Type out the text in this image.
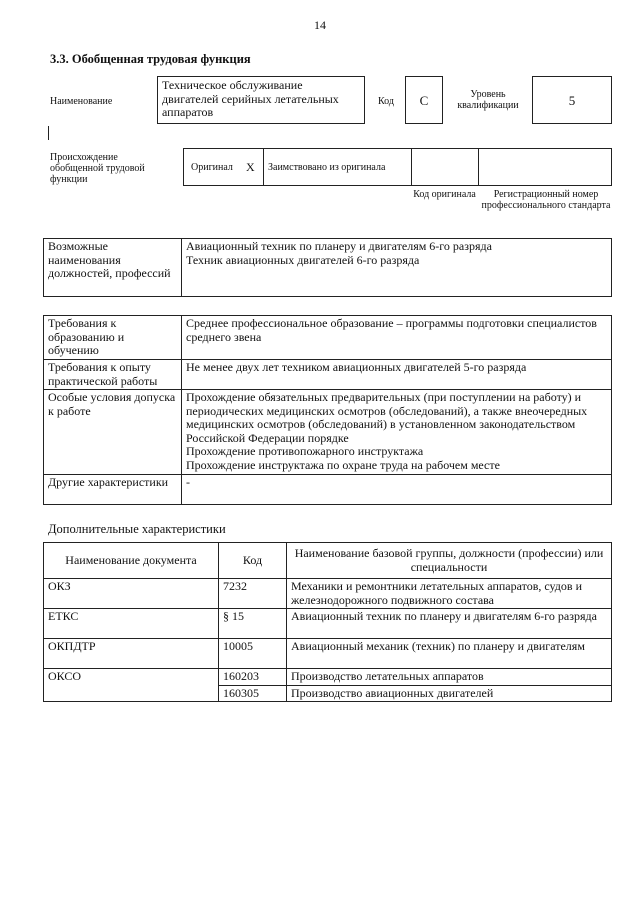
14
3.3. Обобщенная трудовая функция
Наименование
Техническое обслуживание двигателей серийных летательных аппаратов
Код	C	Уровень квалификации	5
Происхождение обобщенной трудовой функции
Оригинал X Заимствовано из оригинала
Код оригинала	Регистрационный номер профессионального стандарта
Возможные наименования должностей, профессий	
Авиационный техник по планеру и двигателям 6-го разряда
Техник авиационных двигателей 6-го разряда
Требования к образованию и обучению	Среднее профессиональное образование – программы подготовки специалистов среднего звена
Требования к опыту практической работы	Не менее двух лет техником авиационных двигателей 5-го разряда
Особые условия допуска к работе	Прохождение обязательных предварительных (при поступлении на работу) и периодических медицинских осмотров (обследований), а также внеочередных медицинских осмотров (обследований) в установленном законодательством Российской Федерации порядке
Прохождение противопожарного инструктажа
Прохождение инструктажа по охране труда на рабочем месте

Другие характеристики	-
Дополнительные характеристики
Наименование документа	Код	Наименование базовой группы, должности (профессии) или специальности
ОКЗ	7232	Механики и ремонтники летательных аппаратов, судов и железнодорожного подвижного состава
ЕТКС	§ 15	Авиационный техник по планеру и двигателям 6-го разряда
ОКПДТР	10005	Авиационный механик (техник) по планеру и двигателям
ОКСО	160203	Производство летательных аппаратов
	160305	Производство авиационных двигателей
